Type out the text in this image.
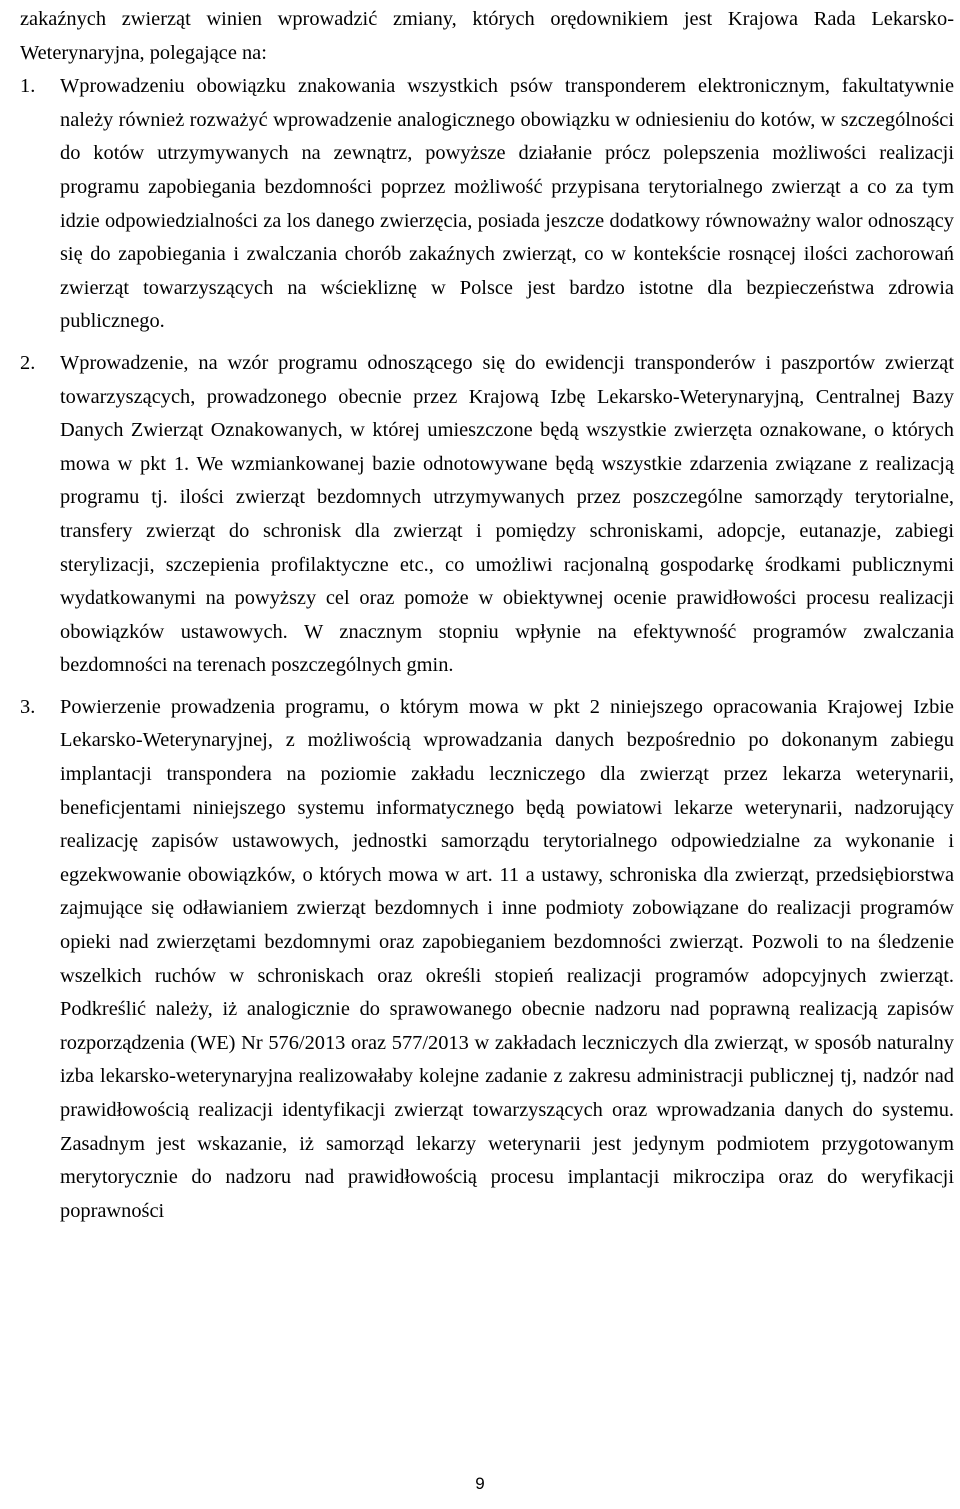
zakaźnych zwierząt winien wprowadzić zmiany, których orędownikiem jest Krajowa Rada Lekarsko-Weterynaryjna, polegające na:

1.	Wprowadzeniu obowiązku znakowania wszystkich psów transponderem elektronicznym, fakultatywnie należy również rozważyć wprowadzenie analogicznego obowiązku w odniesieniu do kotów, w szczególności do kotów utrzymywanych na zewnątrz, powyższe działanie prócz polepszenia możliwości realizacji programu zapobiegania bezdomności poprzez możliwość przypisana terytorialnego zwierząt a co za tym idzie odpowiedzialności za los danego zwierzęcia, posiada jeszcze dodatkowy równoważny walor odnoszący się do zapobiegania i zwalczania chorób zakaźnych zwierząt, co w kontekście rosnącej ilości zachorowań zwierząt towarzyszących na wściekliznę w Polsce jest bardzo istotne dla bezpieczeństwa zdrowia publicznego.
2.	Wprowadzenie, na wzór programu odnoszącego się do ewidencji transponderów i paszportów zwierząt towarzyszących, prowadzonego obecnie przez Krajową Izbę Lekarsko-Weterynaryjną, Centralnej Bazy Danych Zwierząt Oznakowanych, w której umieszczone będą wszystkie zwierzęta oznakowane, o których mowa w pkt 1. We wzmiankowanej bazie odnotowywane będą wszystkie zdarzenia związane z realizacją programu tj. ilości zwierząt bezdomnych utrzymywanych przez poszczególne samorządy terytorialne, transfery zwierząt do schronisk dla zwierząt i pomiędzy schroniskami, adopcje, eutanazje, zabiegi sterylizacji, szczepienia profilaktyczne etc., co umożliwi racjonalną gospodarkę środkami publicznymi wydatkowanymi na powyższy cel oraz pomoże w obiektywnej ocenie prawidłowości procesu realizacji obowiązków ustawowych. W znacznym stopniu wpłynie na efektywność programów zwalczania bezdomności na terenach poszczególnych gmin.
3.	Powierzenie prowadzenia programu, o którym mowa w pkt 2 niniejszego opracowania Krajowej Izbie Lekarsko-Weterynaryjnej, z możliwością wprowadzania danych bezpośrednio po dokonanym zabiegu implantacji transpondera na poziomie zakładu leczniczego dla zwierząt przez lekarza weterynarii, beneficjentami niniejszego systemu informatycznego będą powiatowi lekarze weterynarii, nadzorujący realizację zapisów ustawowych, jednostki samorządu terytorialnego odpowiedzialne za wykonanie i egzekwowanie obowiązków, o których mowa w art. 11 a ustawy, schroniska dla zwierząt, przedsiębiorstwa zajmujące się odławianiem zwierząt bezdomnych i inne podmioty zobowiązane do realizacji programów opieki nad zwierzętami bezdomnymi oraz zapobieganiem bezdomności zwierząt. Pozwoli to na śledzenie wszelkich ruchów w schroniskach oraz określi stopień realizacji programów adopcyjnych zwierząt. Podkreślić należy, iż analogicznie do sprawowanego obecnie nadzoru nad poprawną realizacją zapisów rozporządzenia (WE) Nr 576/2013 oraz 577/2013 w zakładach leczniczych dla zwierząt, w sposób naturalny izba lekarsko-weterynaryjna realizowałaby kolejne zadanie z zakresu administracji publicznej tj, nadzór nad prawidłowością realizacji identyfikacji zwierząt towarzyszących oraz wprowadzania danych do systemu. Zasadnym jest wskazanie, iż samorząd lekarzy weterynarii jest jedynym podmiotem przygotowanym merytorycznie do nadzoru nad prawidłowością procesu implantacji mikroczipa oraz do weryfikacji poprawności
9
